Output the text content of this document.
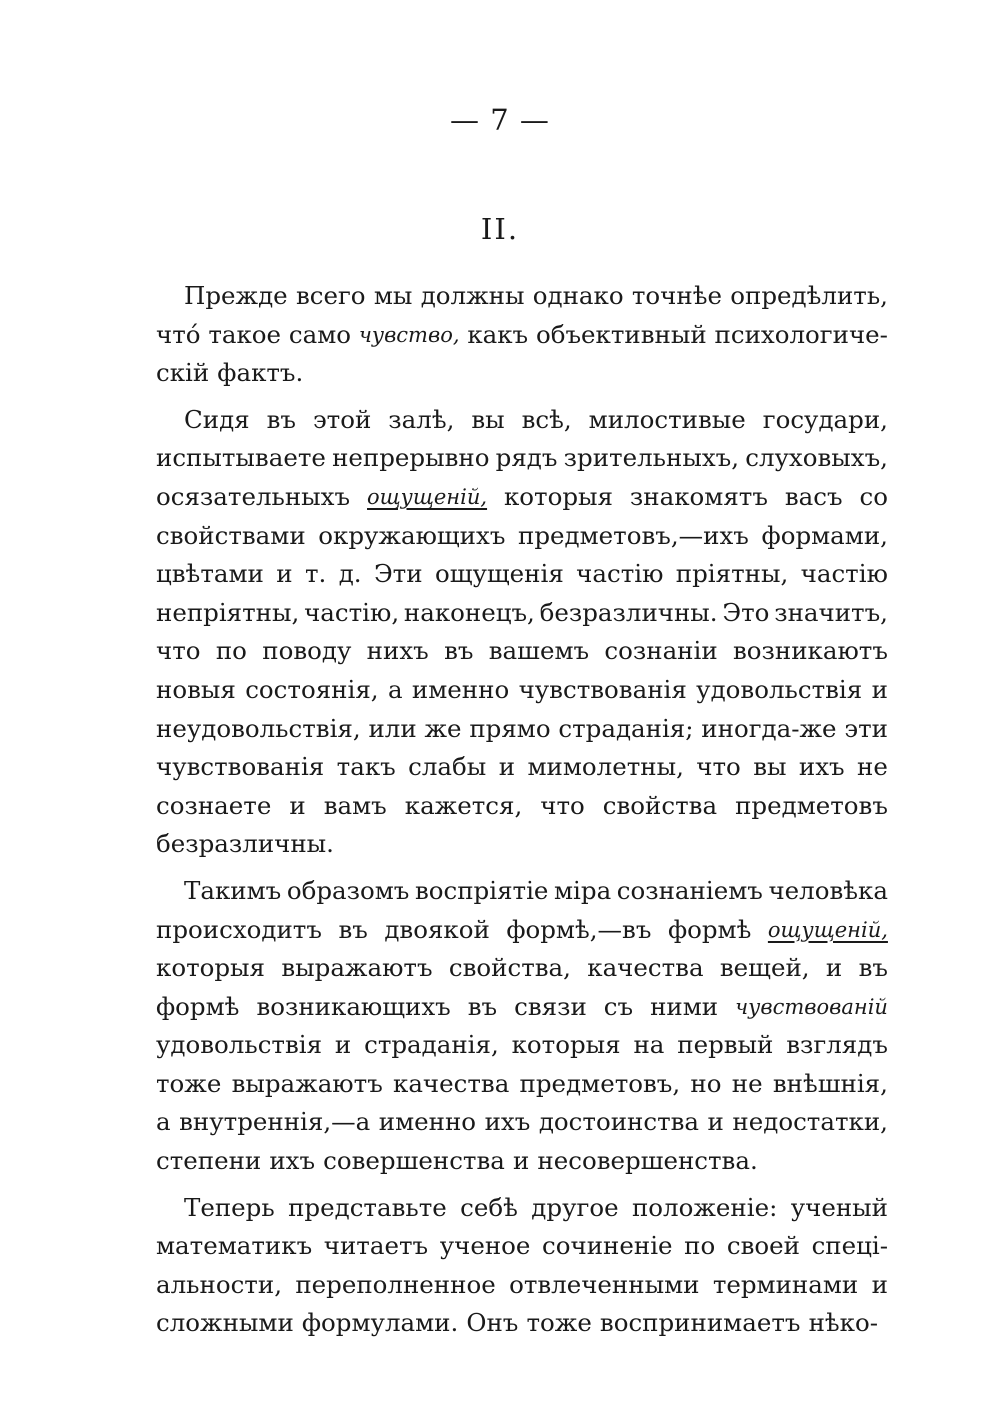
— 7 —
II.
Прежде всего мы должны однако точнѣе опредѣлить,
что́ такое само чувство, какъ объективный психологиче-
скій фактъ.
Сидя въ этой залѣ, вы всѣ, милостивые государи,
испытываете непрерывно рядъ зрительныхъ, слуховыхъ,
осязательныхъ ощущеній, которыя знакомятъ васъ со
свойствами окружающихъ предметовъ,—ихъ формами,
цвѣтами и т. д. Эти ощущенія частію пріятны, частію
непріятны, частію, наконецъ, безразличны. Это значитъ,
что по поводу нихъ въ вашемъ сознаніи возникаютъ
новыя состоянія, а именно чувствованія удовольствія и
неудовольствія, или же прямо страданія; иногда-же эти
чувствованія такъ слабы и мимолетны, что вы ихъ не
сознаете и вамъ кажется, что свойства предметовъ
безразличны.
Такимъ образомъ воспріятіе міра сознаніемъ человѣка
происходитъ въ двоякой формѣ,—въ формѣ ощущеній,
которыя выражаютъ свойства, качества вещей, и въ
формѣ возникающихъ въ связи съ ними чувствованій
удовольствія и страданія, которыя на первый взглядъ
тоже выражаютъ качества предметовъ, но не внѣшнія,
а внутреннія,—а именно ихъ достоинства и недостатки,
степени ихъ совершенства и несовершенства.
Теперь представьте себѣ другое положеніе: ученый
математикъ читаетъ ученое сочиненіе по своей спеці-
альности, переполненное отвлеченными терминами и
сложными формулами. Онъ тоже воспринимаетъ нѣко-
